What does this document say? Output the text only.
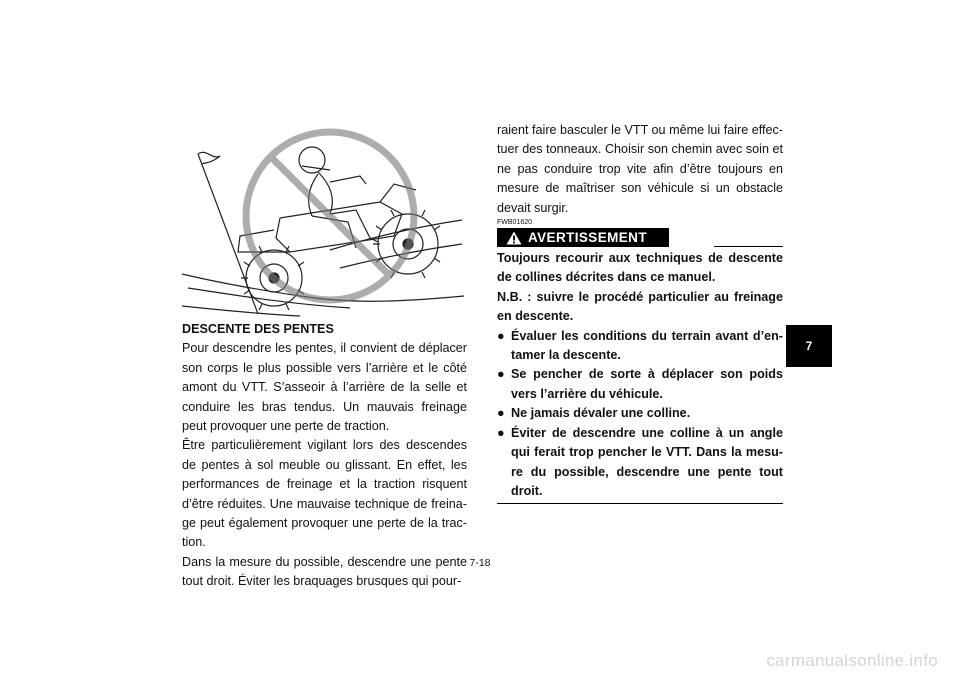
DESCENTE DES PENTES

Pour descendre les pentes, il convient de déplacer son corps le plus possible vers l’arrière et le côté amont du VTT. S’asseoir à l’arrière de la selle et conduire les bras tendus. Un mauvais freinage peut provoquer une perte de traction.

Être particulièrement vigilant lors des descendes de pentes à sol meuble ou glissant. En effet, les performances de freinage et la traction risquent d’être réduites. Une mauvaise technique de freina-ge peut également provoquer une perte de la trac-tion.

Dans la mesure du possible, descendre une pente tout droit. Éviter les braquages brusques qui pour-

raient faire basculer le VTT ou même lui faire effec-tuer des tonneaux. Choisir son chemin avec soin et ne pas conduire trop vite afin d’être toujours en mesure de maîtriser son véhicule si un obstacle devait surgir.

FWB01620
AVERTISSEMENT

Toujours recourir aux techniques de descente de collines décrites dans ce manuel.

N.B. : suivre le procédé particulier au freinage en descente.

● Évaluer les conditions du terrain avant d’en-tamer la descente.
● Se pencher de sorte à déplacer son poids vers l’arrière du véhicule.
● Ne jamais dévaler une colline.
● Éviter de descendre une colline à un angle qui ferait trop pencher le VTT. Dans la mesu-re du possible, descendre une pente tout droit.
7-18
7
carmanualsonline.info
